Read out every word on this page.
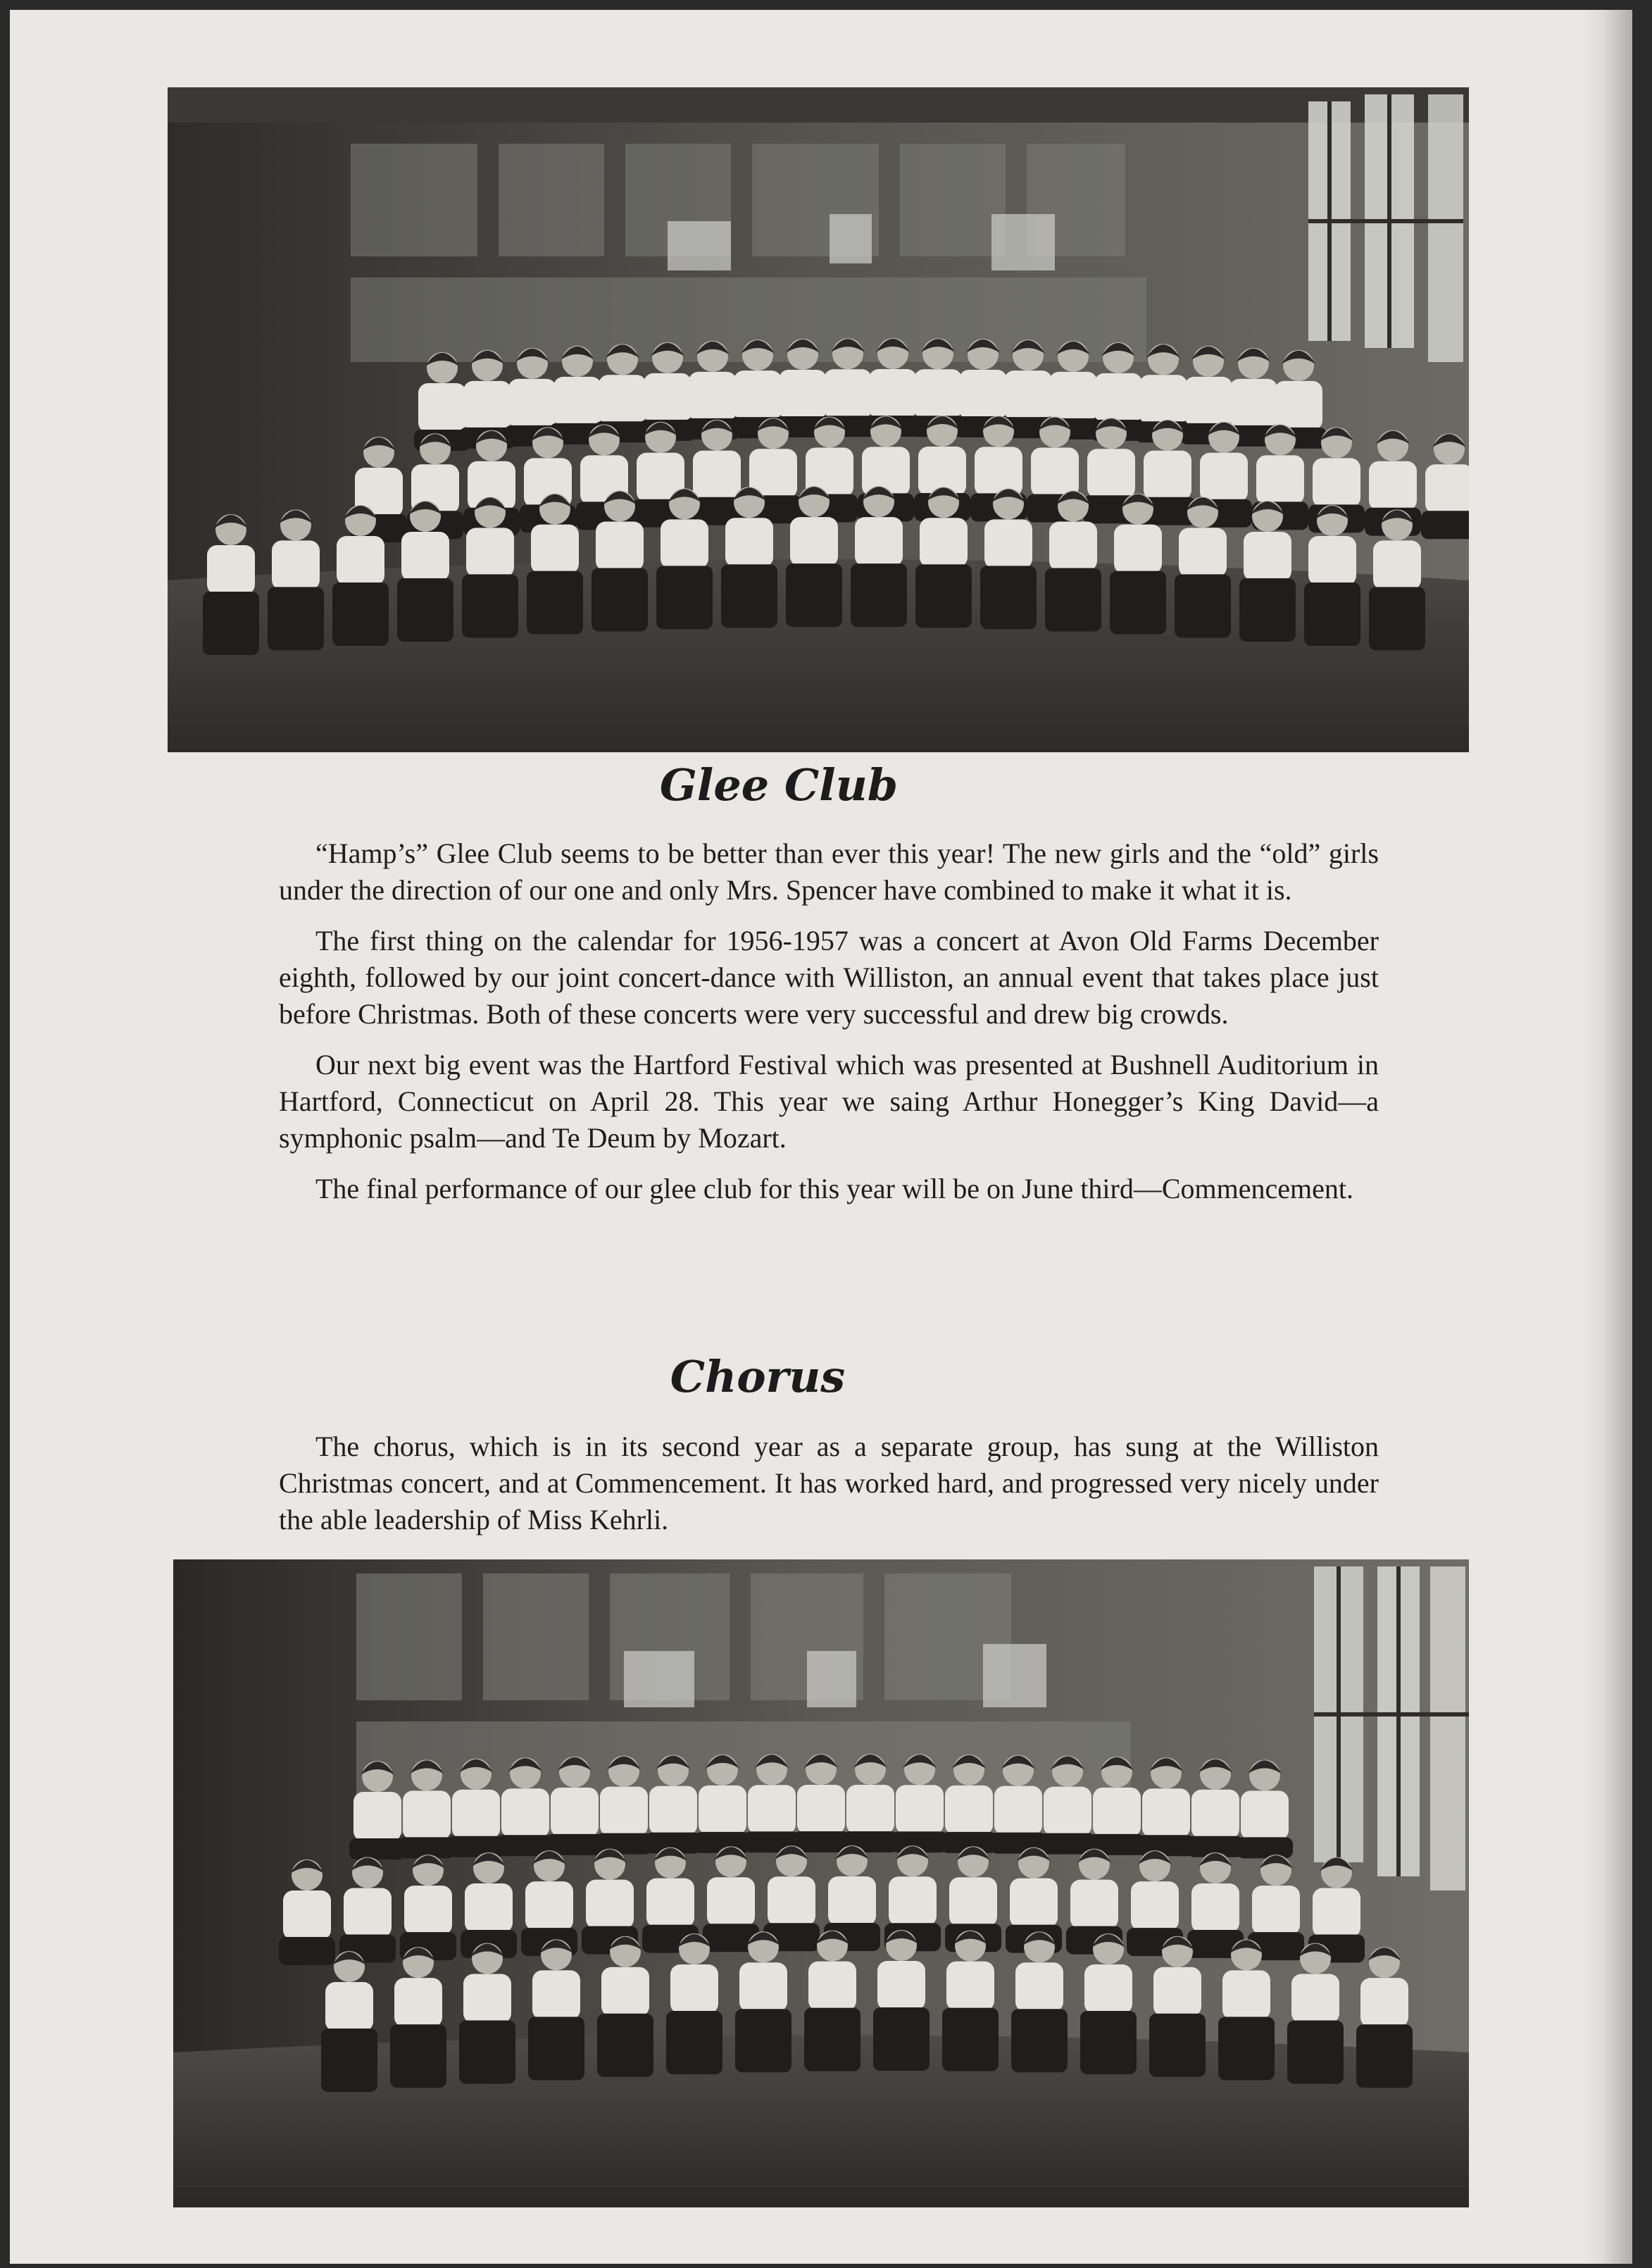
Glee Club

“Hamp’s” Glee Club seems to be better than ever this year! The new girls and the “old” girls under the direction of our one and only Mrs. Spencer have combined to make it what it is.

The first thing on the calendar for 1956-1957 was a concert at Avon Old Farms December eighth, followed by our joint concert-dance with Williston, an annual event that takes place just before Christmas. Both of these concerts were very successful and drew big crowds.

Our next big event was the Hartford Festival which was presented at Bushnell Auditorium in Hartford, Connecticut on April 28. This year we saing Arthur Honegger’s King David—a symphonic psalm—and Te Deum by Mozart.

The final performance of our glee club for this year will be on June third—Commencement.

Chorus

The chorus, which is in its second year as a separate group, has sung at the Williston Christmas concert, and at Commencement. It has worked hard, and progressed very nicely under the able leadership of Miss Kehrli.
